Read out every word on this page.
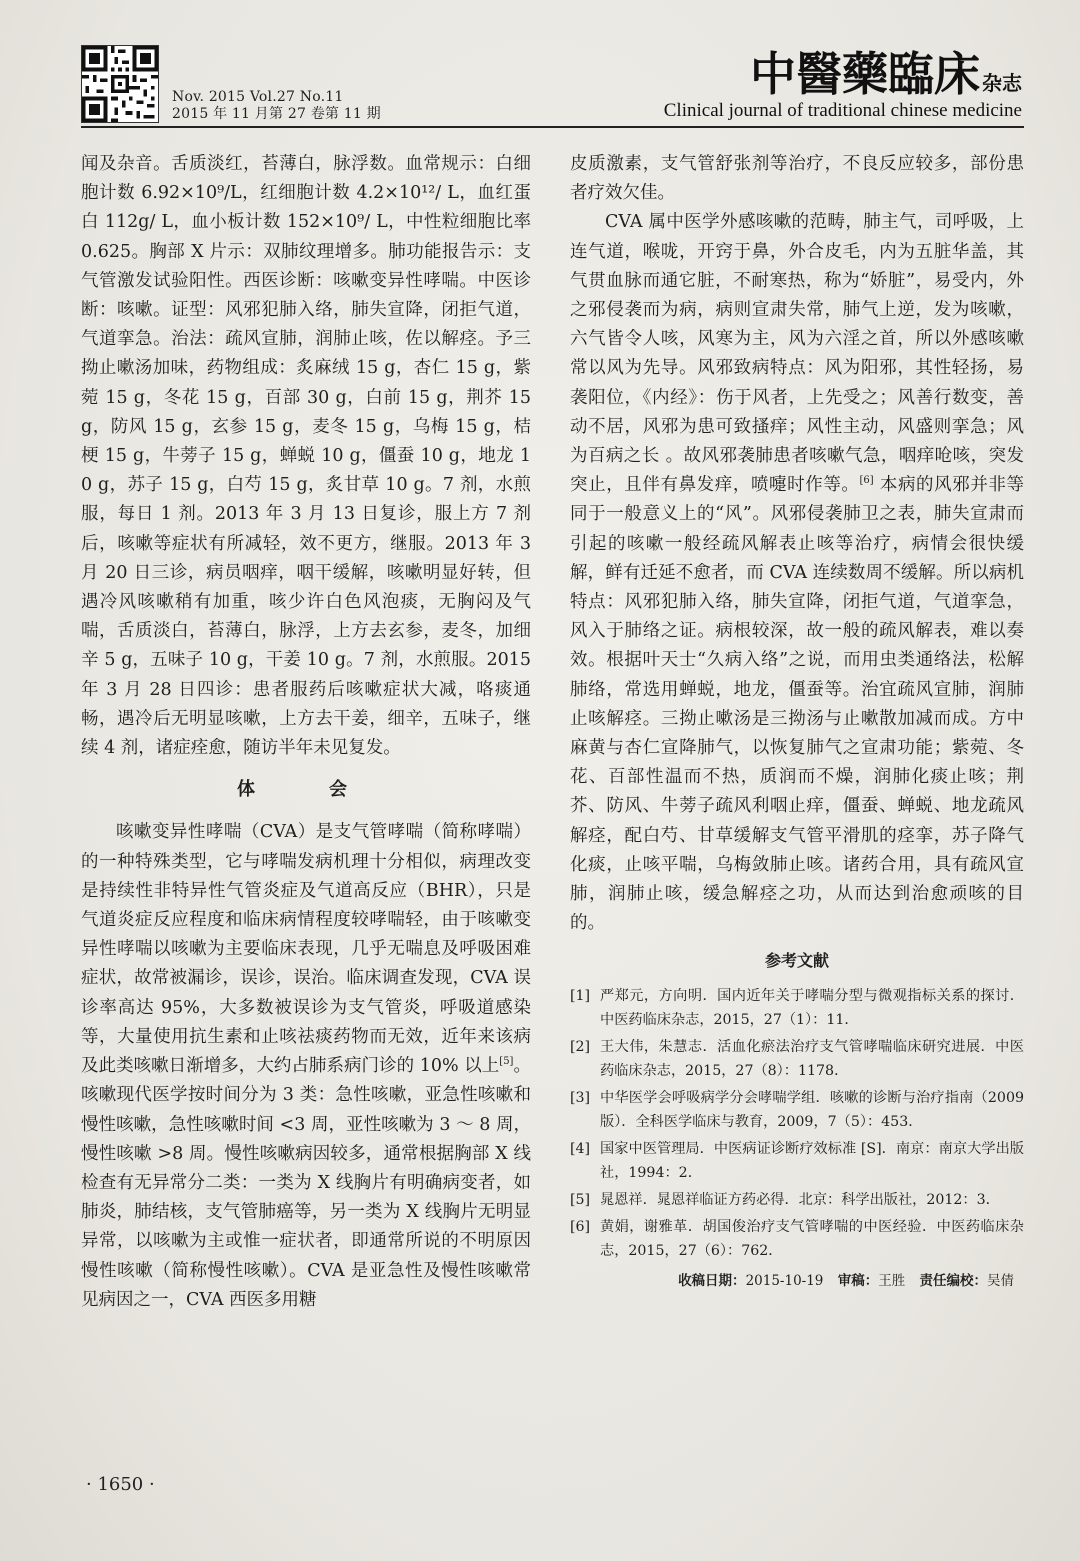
Nov. 2015 Vol.27 No.11
2015 年 11 月第 27 卷第 11 期
中醫藥臨床 杂志
Clinical journal of traditional chinese medicine

闻及杂音。舌质淡红，苔薄白，脉浮数。血常规示：白细胞计数 6.92×10⁹/L，红细胞计数 4.2×10¹²/ L，血红蛋白 112g/ L，血小板计数 152×10⁹/ L，中性粒细胞比率 0.625。胸部 X 片示：双肺纹理增多。肺功能报告示：支气管激发试验阳性。西医诊断：咳嗽变异性哮喘。中医诊断：咳嗽。证型：风邪犯肺入络，肺失宣降，闭拒气道，气道挛急。治法：疏风宣肺，润肺止咳，佐以解痉。予三拗止嗽汤加味，药物组成：炙麻绒 15 g，杏仁 15 g，紫菀 15 g，冬花 15 g，百部 30 g，白前 15 g，荆芥 15 g，防风 15 g，玄参 15 g，麦冬 15 g，乌梅 15 g，桔梗 15 g，牛蒡子 15 g，蝉蜕 10 g，僵蚕 10 g，地龙 10 g，苏子 15 g，白芍 15 g，炙甘草 10 g。7 剂，水煎服，每日 1 剂。2013 年 3 月 13 日复诊，服上方 7 剂后，咳嗽等症状有所减轻，效不更方，继服。2013 年 3 月 20 日三诊，病员咽痒，咽干缓解，咳嗽明显好转，但遇冷风咳嗽稍有加重，咳少许白色风泡痰，无胸闷及气喘，舌质淡白，苔薄白，脉浮，上方去玄参，麦冬，加细辛 5 g，五味子 10 g，干姜 10 g。7 剂，水煎服。2015 年 3 月 28 日四诊：患者服药后咳嗽症状大减，咯痰通畅，遇冷后无明显咳嗽，上方去干姜，细辛，五味子，继续 4 剂，诸症痊愈，随访半年未见复发。

体　会

咳嗽变异性哮喘（CVA）是支气管哮喘（简称哮喘）的一种特殊类型，它与哮喘发病机理十分相似，病理改变是持续性非特异性气管炎症及气道高反应（BHR），只是气道炎症反应程度和临床病情程度较哮喘轻，由于咳嗽变异性哮喘以咳嗽为主要临床表现，几乎无喘息及呼吸困难症状，故常被漏诊，误诊，误治。临床调查发现，CVA 误诊率高达 95%，大多数被误诊为支气管炎，呼吸道感染等，大量使用抗生素和止咳祛痰药物而无效，近年来该病及此类咳嗽日渐增多，大约占肺系病门诊的 10% 以上[5]。咳嗽现代医学按时间分为 3 类：急性咳嗽，亚急性咳嗽和慢性咳嗽，急性咳嗽时间 <3 周，亚性咳嗽为 3 ～ 8 周，慢性咳嗽 >8 周。慢性咳嗽病因较多，通常根据胸部 X 线检查有无异常分二类：一类为 X 线胸片有明确病变者，如肺炎，肺结核，支气管肺癌等，另一类为 X 线胸片无明显异常，以咳嗽为主或惟一症状者，即通常所说的不明原因慢性咳嗽（简称慢性咳嗽）。CVA 是亚急性及慢性咳嗽常见病因之一，CVA 西医多用糖

皮质激素，支气管舒张剂等治疗，不良反应较多，部份患者疗效欠佳。

CVA 属中医学外感咳嗽的范畴，肺主气，司呼吸，上连气道，喉咙，开窍于鼻，外合皮毛，内为五脏华盖，其气贯血脉而通它脏，不耐寒热，称为“娇脏”，易受内，外之邪侵袭而为病，病则宣肃失常，肺气上逆，发为咳嗽，六气皆令人咳，风寒为主，风为六淫之首，所以外感咳嗽常以风为先导。风邪致病特点：风为阳邪，其性轻扬，易袭阳位，《内经》：伤于风者，上先受之；风善行数变，善动不居，风邪为患可致搔痒；风性主动，风盛则挛急；风为百病之长 。故风邪袭肺患者咳嗽气急，咽痒呛咳，突发突止，且伴有鼻发痒，喷嚏时作等。[6] 本病的风邪并非等同于一般意义上的“风”。风邪侵袭肺卫之表，肺失宣肃而引起的咳嗽一般经疏风解表止咳等治疗，病情会很快缓解，鲜有迁延不愈者，而 CVA 连续数周不缓解。所以病机特点：风邪犯肺入络，肺失宣降，闭拒气道，气道挛急，风入于肺络之证。病根较深，故一般的疏风解表，难以奏效。根据叶天士“久病入络”之说，而用虫类通络法，松解肺络，常选用蝉蜕，地龙，僵蚕等。治宜疏风宣肺，润肺止咳解痉。三拗止嗽汤是三拗汤与止嗽散加减而成。方中麻黄与杏仁宣降肺气，以恢复肺气之宣肃功能；紫菀、冬花、百部性温而不热，质润而不燥，润肺化痰止咳；荆芥、防风、牛蒡子疏风利咽止痒，僵蚕、蝉蜕、地龙疏风解痉，配白芍、甘草缓解支气管平滑肌的痉挛，苏子降气化痰，止咳平喘，乌梅敛肺止咳。诸药合用，具有疏风宣肺，润肺止咳，缓急解痉之功，从而达到治愈顽咳的目的。

参考文献
[1] 严郑元，方向明．国内近年关于哮喘分型与微观指标关系的探讨．中医药临床杂志，2015，27（1）：11．
[2] 王大伟，朱慧志．活血化瘀法治疗支气管哮喘临床研究进展．中医药临床杂志，2015，27（8）：1178．
[3] 中华医学会呼吸病学分会哮喘学组．咳嗽的诊断与治疗指南（2009 版）．全科医学临床与教育，2009，7（5）：453．
[4] 国家中医管理局．中医病证诊断疗效标准 [S]．南京：南京大学出版社，1994：2．
[5] 晁恩祥．晁恩祥临证方药必得．北京：科学出版社，2012：3．
[6] 黄娟，谢雅革．胡国俊治疗支气管哮喘的中医经验．中医药临床杂志，2015，27（6）：762．
收稿日期：2015-10-19 审稿：王胜 责任编校：吴倩
· 1650 ·
